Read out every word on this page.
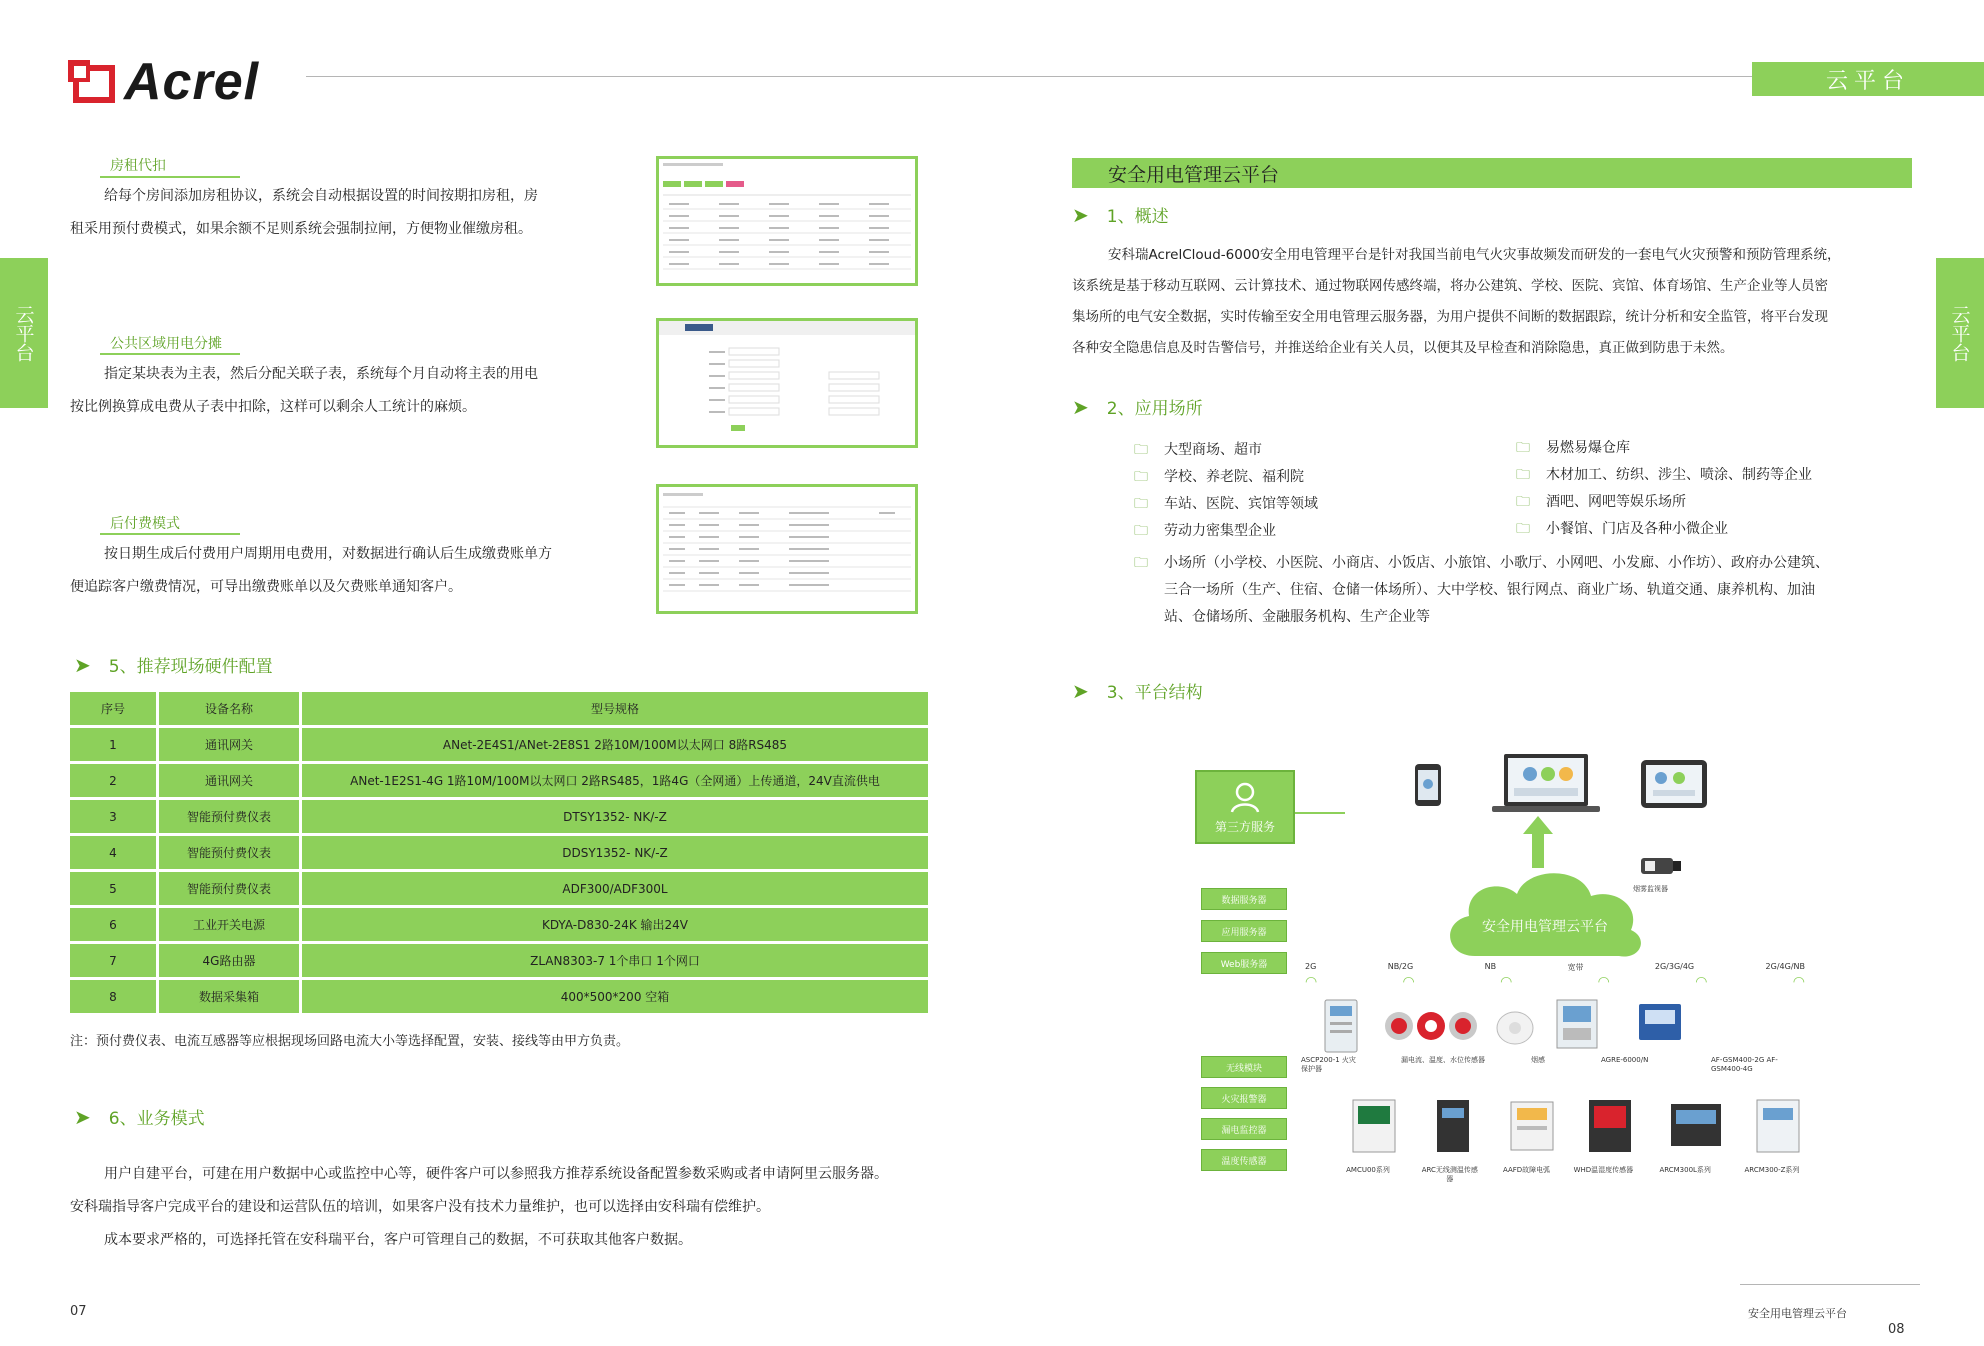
Acrel	云平台
云平台	云平台
房租代扣
给每个房间添加房租协议，系统会自动根据设置的时间按期扣房租，房
租采用预付费模式，如果余额不足则系统会强制拉闸，方便物业催缴房租。
公共区域用电分摊
指定某块表为主表，然后分配关联子表，系统每个月自动将主表的用电
按比例换算成电费从子表中扣除，这样可以剩余人工统计的麻烦。
后付费模式
按日期生成后付费用户周期用电费用，对数据进行确认后生成缴费账单方
便追踪客户缴费情况，可导出缴费账单以及欠费账单通知客户。
➤ 5、推荐现场硬件配置
序号	设备名称	型号规格
1	通讯网关	ANet-2E4S1/ANet-2E8S1 2路10M/100M以太网口 8路RS485
2	通讯网关	ANet-1E2S1-4G 1路10M/100M以太网口 2路RS485，1路4G（全网通）上传通道，24V直流供电
3	智能预付费仪表	DTSY1352- NK/-Z
4	智能预付费仪表	DDSY1352- NK/-Z
5	智能预付费仪表	ADF300/ADF300L
6	工业开关电源	KDYA-D830-24K 输出24V
7	4G路由器	ZLAN8303-7 1个串口 1个网口
8	数据采集箱	400*500*200 空箱
注：预付费仪表、电流互感器等应根据现场回路电流大小等选择配置，安装、接线等由甲方负责。
➤ 6、业务模式
用户自建平台，可建在用户数据中心或监控中心等，硬件客户可以参照我方推荐系统设备配置参数采购或者申请阿里云服务器。
安科瑞指导客户完成平台的建设和运营队伍的培训，如果客户没有技术力量维护，也可以选择由安科瑞有偿维护。
成本要求严格的，可选择托管在安科瑞平台，客户可管理自己的数据，不可获取其他客户数据。
07
安全用电管理云平台
➤ 1、概述
安科瑞AcrelCloud-6000安全用电管理平台是针对我国当前电气火灾事故频发而研发的一套电气火灾预警和预防管理系统，
该系统是基于移动互联网、云计算技术、通过物联网传感终端，将办公建筑、学校、医院、宾馆、体育场馆、生产企业等人员密
集场所的电气安全数据，实时传输至安全用电管理云服务器，为用户提供不间断的数据跟踪，统计分析和安全监管，将平台发现
各种安全隐患信息及时告警信号，并推送给企业有关人员，以便其及早检查和消除隐患，真正做到防患于未然。
➤ 2、应用场所
🗀 大型商场、超市
🗀 学校、养老院、福利院
🗀 车站、医院、宾馆等领域
🗀 劳动力密集型企业
🗀 易燃易爆仓库
🗀 木材加工、纺织、涉尘、喷涂、制药等企业
🗀 酒吧、网吧等娱乐场所
🗀 小餐馆、门店及各种小微企业
🗀 小场所（小学校、小医院、小商店、小饭店、小旅馆、小歌厅、小网吧、小发廊、小作坊）、政府办公建筑、
三合一场所（生产、住宿、仓储一体场所）、大中学校、银行网点、商业广场、轨道交通、康养机构、加油
站、仓储场所、金融服务机构、生产企业等
➤ 3、平台结构
第三方服务
安全用电管理云平台
烟雾监视器
数据服务器
应用服务器
Web服务器
无线模块
火灾报警器
漏电监控器
温度传感器
2G	NB/2G	NB	宽带	2G/3G/4G	2G/4G/NB
◠	◠	◠	◠	◠	◠
ASCP200-1 火灾保护器
漏电流、温度、水位传感器	烟感	AGRE-6000/N	AF-GSM400-2G AF-GSM400-4G
AMCU00系列	ARC无线测温传感器
AAFD故障电弧	WHD温湿度传感器	ARCM300L系列	ARCM300-Z系列
安全用电管理云平台
08
